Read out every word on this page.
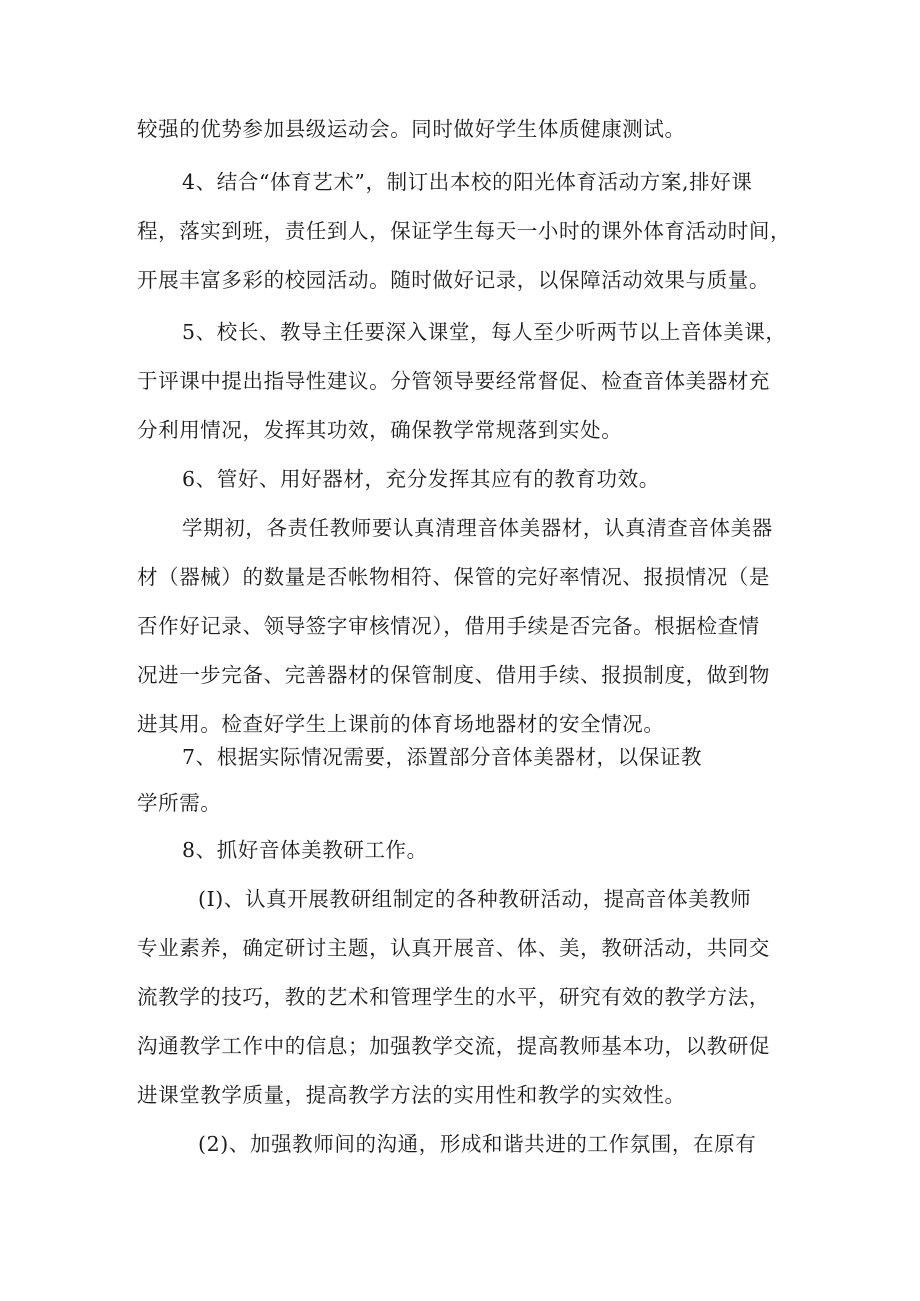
较强的优势参加县级运动会。同时做好学生体质健康测试。
4、结合“体育艺术”，制订出本校的阳光体育活动方案,排好课
程，落实到班，责任到人，保证学生每天一小时的课外体育活动时间，
开展丰富多彩的校园活动。随时做好记录，以保障活动效果与质量。
5、校长、教导主任要深入课堂，每人至少听两节以上音体美课，
于评课中提出指导性建议。分管领导要经常督促、检查音体美器材充
分利用情况，发挥其功效，确保教学常规落到实处。
6、管好、用好器材，充分发挥其应有的教育功效。
学期初，各责任教师要认真清理音体美器材，认真清查音体美器
材（器械）的数量是否帐物相符、保管的完好率情况、报损情况（是
否作好记录、领导签字审核情况），借用手续是否完备。根据检查情
况进一步完备、完善器材的保管制度、借用手续、报损制度，做到物
进其用。检查好学生上课前的体育场地器材的安全情况。
7、根据实际情况需要，添置部分音体美器材，以保证教
学所需。
8、抓好音体美教研工作。
(I)、认真开展教研组制定的各种教研活动，提高音体美教师
专业素养，确定研讨主题，认真开展音、体、美，教研活动，共同交
流教学的技巧，教的艺术和管理学生的水平，研究有效的教学方法，
沟通教学工作中的信息；加强教学交流，提高教师基本功，以教研促
进课堂教学质量，提高教学方法的实用性和教学的实效性。
(2)、加强教师间的沟通，形成和谐共进的工作氛围，在原有
